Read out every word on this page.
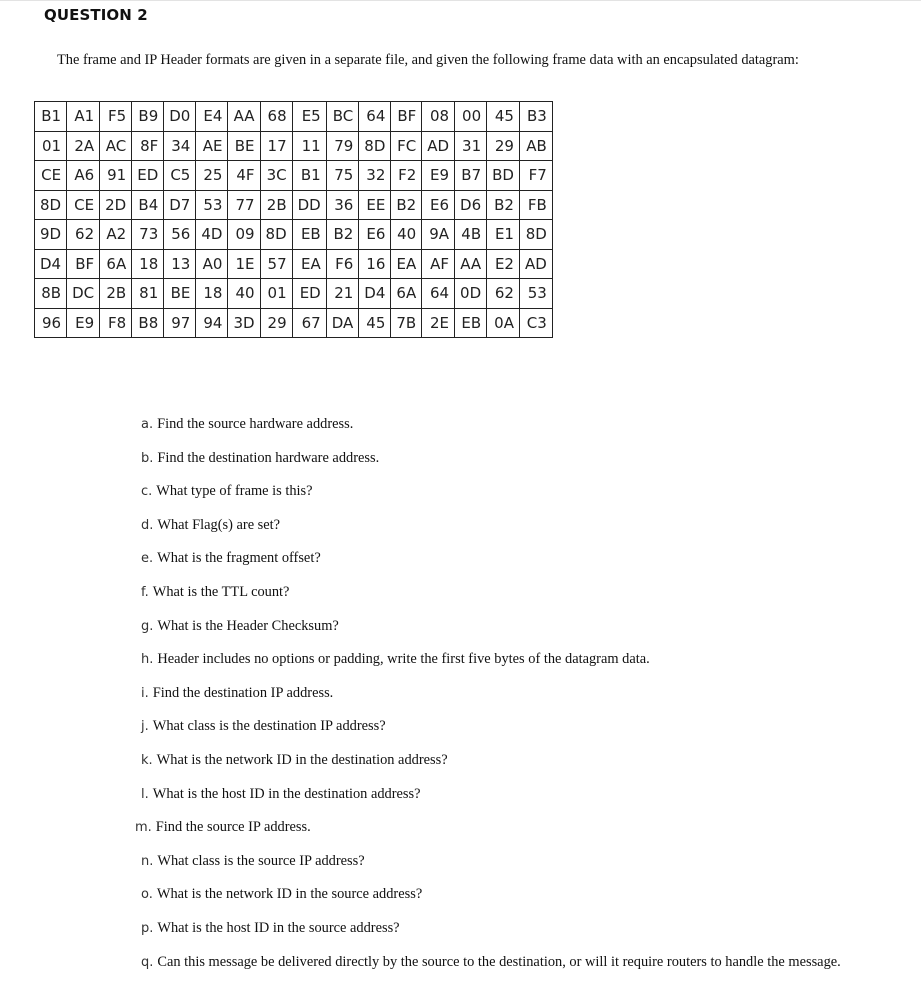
QUESTION 2
The frame and IP Header formats are given in a separate file, and given the following frame data with an encapsulated datagram:
B1	A1	F5	B9	D0	E4	AA	68	E5	BC	64	BF	08	00	45	B3
01	2A	AC	8F	34	AE	BE	17	11	79	8D	FC	AD	31	29	AB
CE	A6	91	ED	C5	25	4F	3C	B1	75	32	F2	E9	B7	BD	F7
8D	CE	2D	B4	D7	53	77	2B	DD	36	EE	B2	E6	D6	B2	FB
9D	62	A2	73	56	4D	09	8D	EB	B2	E6	40	9A	4B	E1	8D
D4	BF	6A	18	13	A0	1E	57	EA	F6	16	EA	AF	AA	E2	AD
8B	DC	2B	81	BE	18	40	01	ED	21	D4	6A	64	0D	62	53
96	E9	F8	B8	97	94	3D	29	67	DA	45	7B	2E	EB	0A	C3
a. Find the source hardware address.
b. Find the destination hardware address.
c. What type of frame is this?
d. What Flag(s) are set?
e. What is the fragment offset?
f. What is the TTL count?
g. What is the Header Checksum?
h. Header includes no options or padding, write the first five bytes of the datagram data.
i. Find the destination IP address.
j. What class is the destination IP address?
k. What is the network ID in the destination address?
l. What is the host ID in the destination address?
m. Find the source IP address.
n. What class is the source IP address?
o. What is the network ID in the source address?
p. What is the host ID in the source address?
q. Can this message be delivered directly by the source to the destination, or will it require routers to handle the message.
